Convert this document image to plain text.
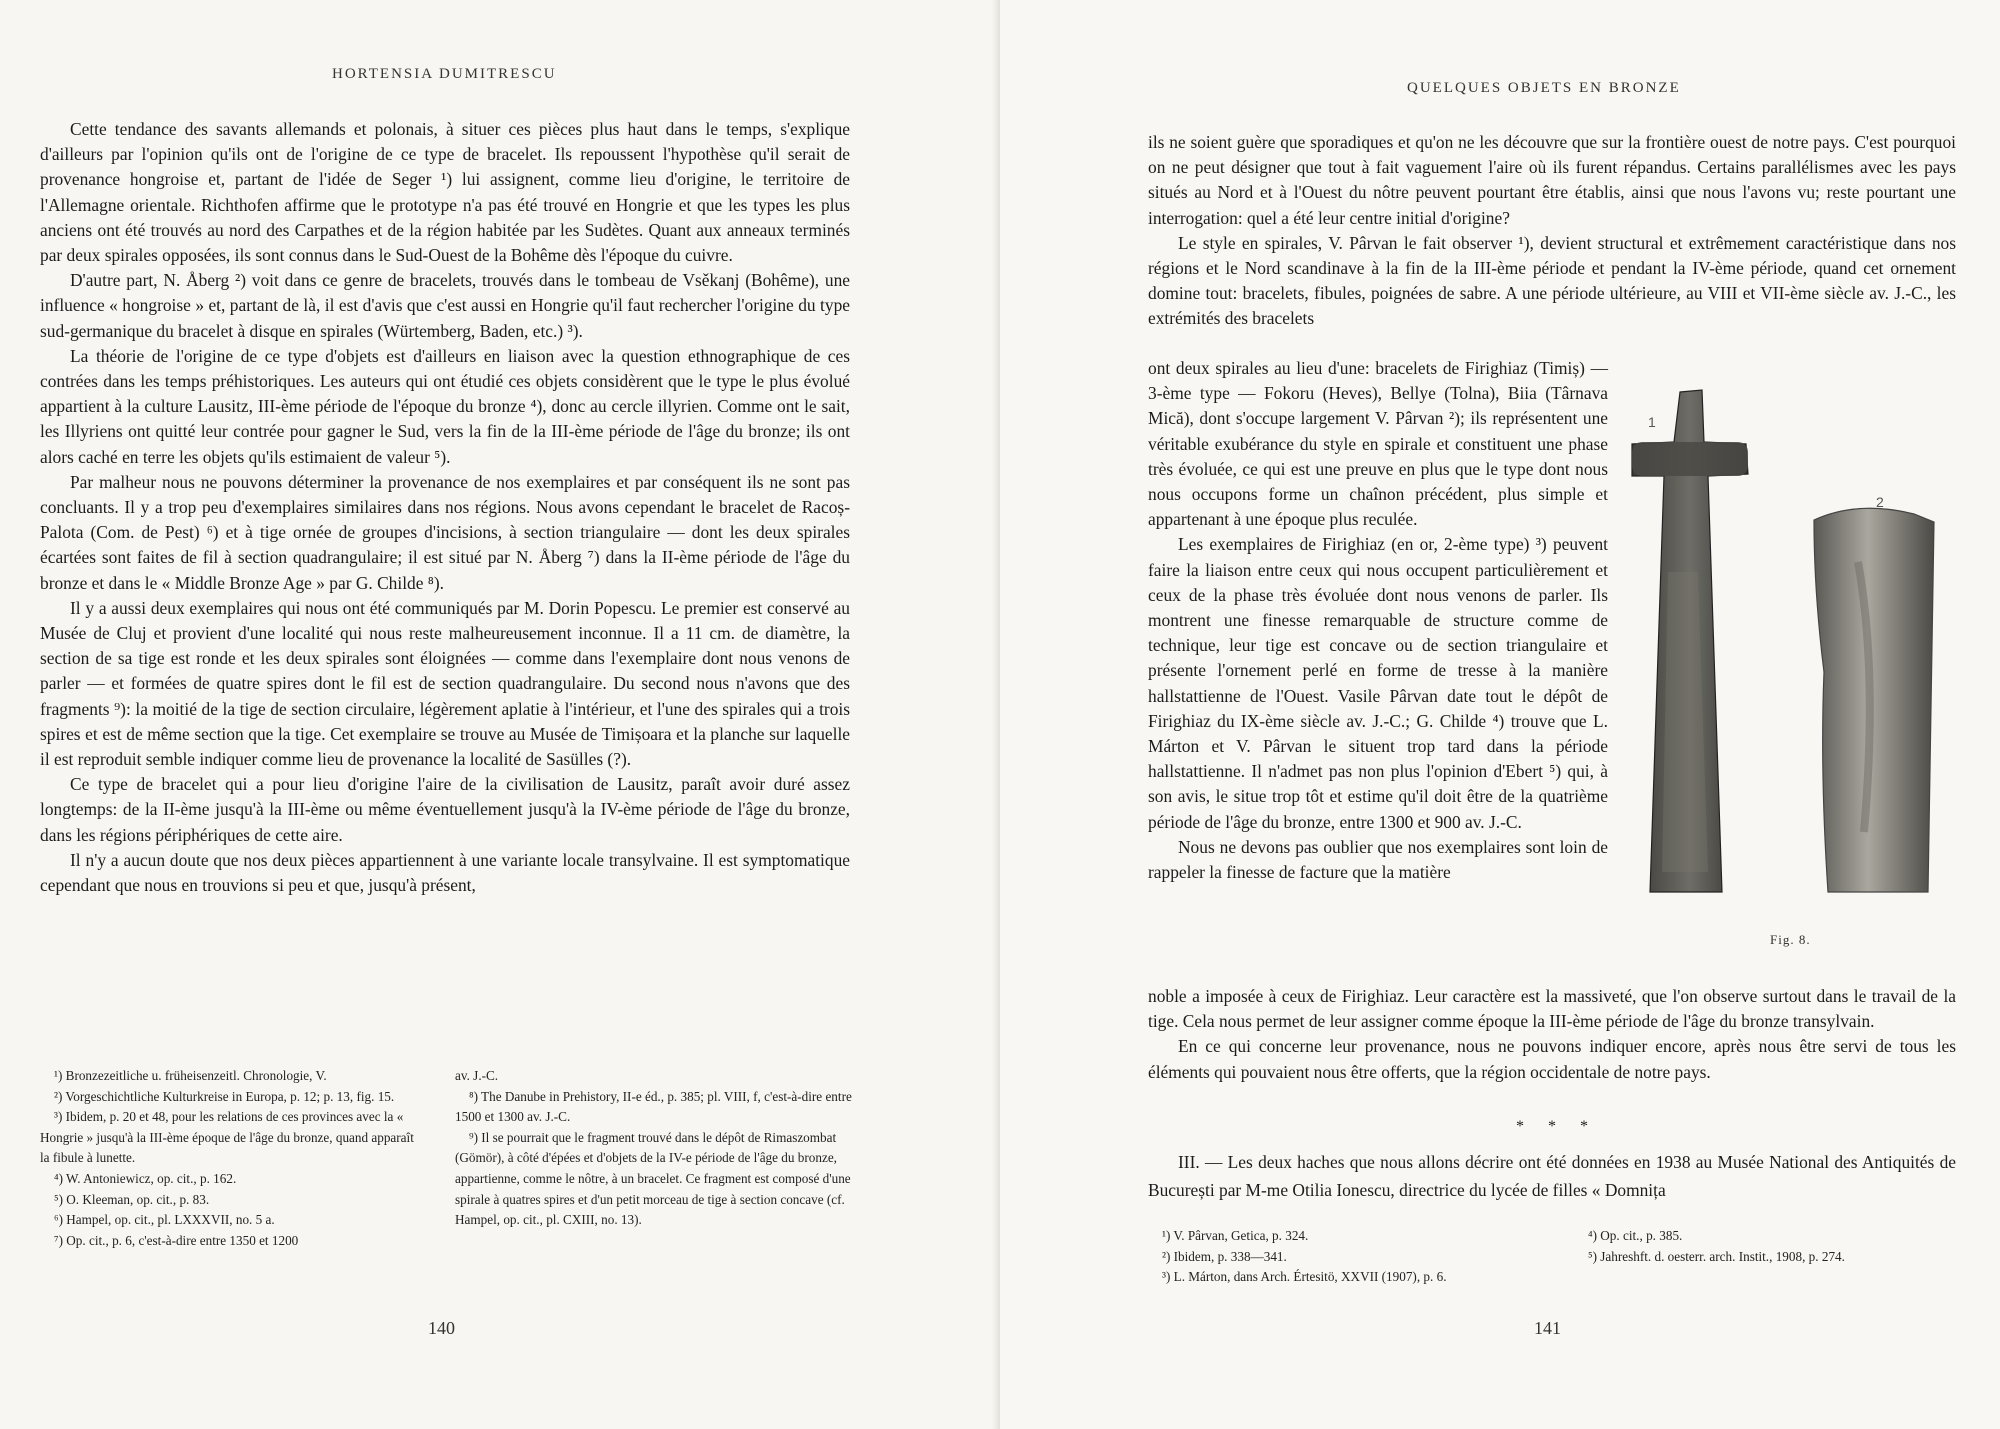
HORTENSIA DUMITRESCU

Cette tendance des savants allemands et polonais, à situer ces pièces plus haut dans le temps, s'explique d'ailleurs par l'opinion qu'ils ont de l'origine de ce type de bracelet. Ils repoussent l'hypothèse qu'il serait de provenance hongroise et, partant de l'idée de Seger ¹) lui assignent, comme lieu d'origine, le territoire de l'Allemagne orientale. Richthofen affirme que le prototype n'a pas été trouvé en Hongrie et que les types les plus anciens ont été trouvés au nord des Carpathes et de la région habitée par les Sudètes. Quant aux anneaux terminés par deux spirales opposées, ils sont connus dans le Sud-Ouest de la Bohême dès l'époque du cuivre.

D'autre part, N. Åberg ²) voit dans ce genre de bracelets, trouvés dans le tombeau de Vsěkanj (Bohême), une influence « hongroise » et, partant de là, il est d'avis que c'est aussi en Hongrie qu'il faut rechercher l'origine du type sud-germanique du bracelet à disque en spirales (Würtemberg, Baden, etc.) ³).

La théorie de l'origine de ce type d'objets est d'ailleurs en liaison avec la question ethnographique de ces contrées dans les temps préhistoriques. Les auteurs qui ont étudié ces objets considèrent que le type le plus évolué appartient à la culture Lausitz, III-ème période de l'époque du bronze ⁴), donc au cercle illyrien. Comme ont le sait, les Illyriens ont quitté leur contrée pour gagner le Sud, vers la fin de la III-ème période de l'âge du bronze; ils ont alors caché en terre les objets qu'ils estimaient de valeur ⁵).

Par malheur nous ne pouvons déterminer la provenance de nos exemplaires et par conséquent ils ne sont pas concluants. Il y a trop peu d'exemplaires similaires dans nos régions. Nous avons cependant le bracelet de Racoș-Palota (Com. de Pest) ⁶) et à tige ornée de groupes d'incisions, à section triangulaire — dont les deux spirales écartées sont faites de fil à section quadrangulaire; il est situé par N. Åberg ⁷) dans la II-ème période de l'âge du bronze et dans le « Middle Bronze Age » par G. Childe ⁸).

Il y a aussi deux exemplaires qui nous ont été communiqués par M. Dorin Popescu. Le premier est conservé au Musée de Cluj et provient d'une localité qui nous reste malheureusement inconnue. Il a 11 cm. de diamètre, la section de sa tige est ronde et les deux spirales sont éloignées — comme dans l'exemplaire dont nous venons de parler — et formées de quatre spires dont le fil est de section quadrangulaire. Du second nous n'avons que des fragments ⁹): la moitié de la tige de section circulaire, légèrement aplatie à l'intérieur, et l'une des spirales qui a trois spires et est de même section que la tige. Cet exemplaire se trouve au Musée de Timișoara et la planche sur laquelle il est reproduit semble indiquer comme lieu de provenance la localité de Sasülles (?).

Ce type de bracelet qui a pour lieu d'origine l'aire de la civilisation de Lausitz, paraît avoir duré assez longtemps: de la II-ème jusqu'à la III-ème ou même éventuellement jusqu'à la IV-ème période de l'âge du bronze, dans les régions périphériques de cette aire.

Il n'y a aucun doute que nos deux pièces appartiennent à une variante locale transylvaine. Il est symptomatique cependant que nous en trouvions si peu et que, jusqu'à présent,

¹) Bronzezeitliche u. früheisenzeitl. Chronologie, V.
²) Vorgeschichtliche Kulturkreise in Europa, p. 12; p. 13, fig. 15.
³) Ibidem, p. 20 et 48, pour les relations de ces provinces avec la « Hongrie » jusqu'à la III-ème époque de l'âge du bronze, quand apparaît la fibule à lunette.
⁴) W. Antoniewicz, op. cit., p. 162.
⁵) O. Kleeman, op. cit., p. 83.
⁶) Hampel, op. cit., pl. LXXXVII, no. 5 a.
⁷) Op. cit., p. 6, c'est-à-dire entre 1350 et 1200
av. J.-C.
⁸) The Danube in Prehistory, II-e éd., p. 385; pl. VIII, f, c'est-à-dire entre 1500 et 1300 av. J.-C.
⁹) Il se pourrait que le fragment trouvé dans le dépôt de Rimaszombat (Gömör), à côté d'épées et d'objets de la IV-e période de l'âge du bronze, appartienne, comme le nôtre, à un bracelet. Ce fragment est composé d'une spirale à quatres spires et d'un petit morceau de tige à section concave (cf. Hampel, op. cit., pl. CXIII, no. 13).
140
QUELQUES OBJETS EN BRONZE

ils ne soient guère que sporadiques et qu'on ne les découvre que sur la frontière ouest de notre pays. C'est pourquoi on ne peut désigner que tout à fait vaguement l'aire où ils furent répandus. Certains parallélismes avec les pays situés au Nord et à l'Ouest du nôtre peuvent pourtant être établis, ainsi que nous l'avons vu; reste pourtant une interrogation: quel a été leur centre initial d'origine?

Le style en spirales, V. Pârvan le fait observer ¹), devient structural et extrêmement caractéristique dans nos régions et le Nord scandinave à la fin de la III-ème période et pendant la IV-ème période, quand cet ornement domine tout: bracelets, fibules, poignées de sabre. A une période ultérieure, au VIII et VII-ème siècle av. J.-C., les extrémités des bracelets

ont deux spirales au lieu d'une: bracelets de Firighiaz (Timiș) — 3-ème type — Fokoru (Heves), Bellye (Tolna), Biia (Târnava Mică), dont s'occupe largement V. Pârvan ²); ils représentent une véritable exubérance du style en spirale et constituent une phase très évoluée, ce qui est une preuve en plus que le type dont nous nous occupons forme un chaînon précédent, plus simple et appartenant à une époque plus reculée.

Les exemplaires de Firighiaz (en or, 2-ème type) ³) peuvent faire la liaison entre ceux qui nous occupent particulièrement et ceux de la phase très évoluée dont nous venons de parler. Ils montrent une finesse remarquable de structure comme de technique, leur tige est concave ou de section triangulaire et présente l'ornement perlé en forme de tresse à la manière hallstattienne de l'Ouest. Vasile Pârvan date tout le dépôt de Firighiaz du IX-ème siècle av. J.-C.; G. Childe ⁴) trouve que L. Márton et V. Pârvan le situent trop tard dans la période hallstattienne. Il n'admet pas non plus l'opinion d'Ebert ⁵) qui, à son avis, le situe trop tôt et estime qu'il doit être de la quatrième période de l'âge du bronze, entre 1300 et 900 av. J.-C.

Nous ne devons pas oublier que nos exemplaires sont loin de rappeler la finesse de facture que la matière

noble a imposée à ceux de Firighiaz. Leur caractère est la massiveté, que l'on observe surtout dans le travail de la tige. Cela nous permet de leur assigner comme époque la III-ème période de l'âge du bronze transylvain.

En ce qui concerne leur provenance, nous ne pouvons indiquer encore, après nous être servi de tous les éléments qui pouvaient nous être offerts, que la région occidentale de notre pays.

* * *

III. — Les deux haches que nous allons décrire ont été données en 1938 au Musée National des Antiquités de București par M-me Otilia Ionescu, directrice du lycée de filles « Domnița

1
2
Fig. 8.
¹) V. Pârvan, Getica, p. 324.
²) Ibidem, p. 338—341.
³) L. Márton, dans Arch. Értesitö, XXVII (1907), p. 6.
⁴) Op. cit., p. 385.
⁵) Jahreshft. d. oesterr. arch. Instit., 1908, p. 274.
141
